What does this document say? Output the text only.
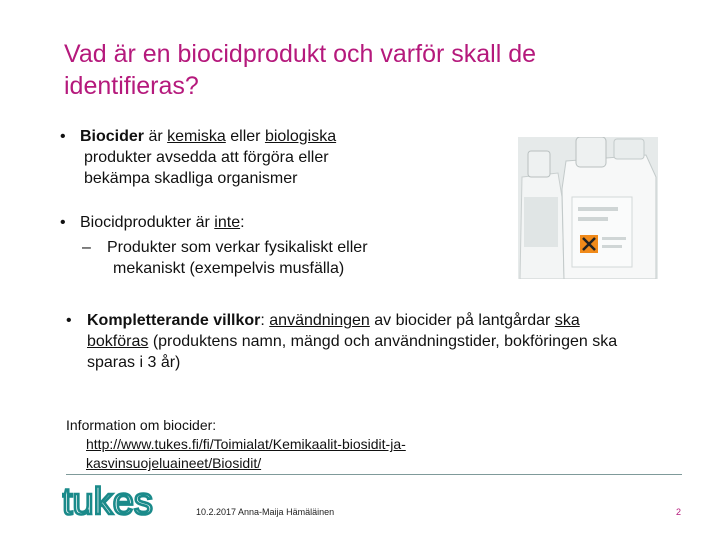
Vad är en biocidprodukt och varför skall de identifieras?
• Biocider är kemiska eller biologiska
produkter avsedda att förgöra eller
bekämpa skadliga organismer
• Biocidprodukter är inte:
– Produkter som verkar fysikaliskt eller
mekaniskt (exempelvis musfälla)
• Kompletterande villkor: användningen av biocider på lantgårdar ska
bokföras (produktens namn, mängd och användningstider, bokföringen ska
sparas i 3 år)
Information om biocider:
http://www.tukes.fi/fi/Toimialat/Kemikaalit-biosidit-ja-
kasvinsuojeluaineet/Biosidit/
tukes	10.2.2017 Anna-Maija Hämäläinen	2
